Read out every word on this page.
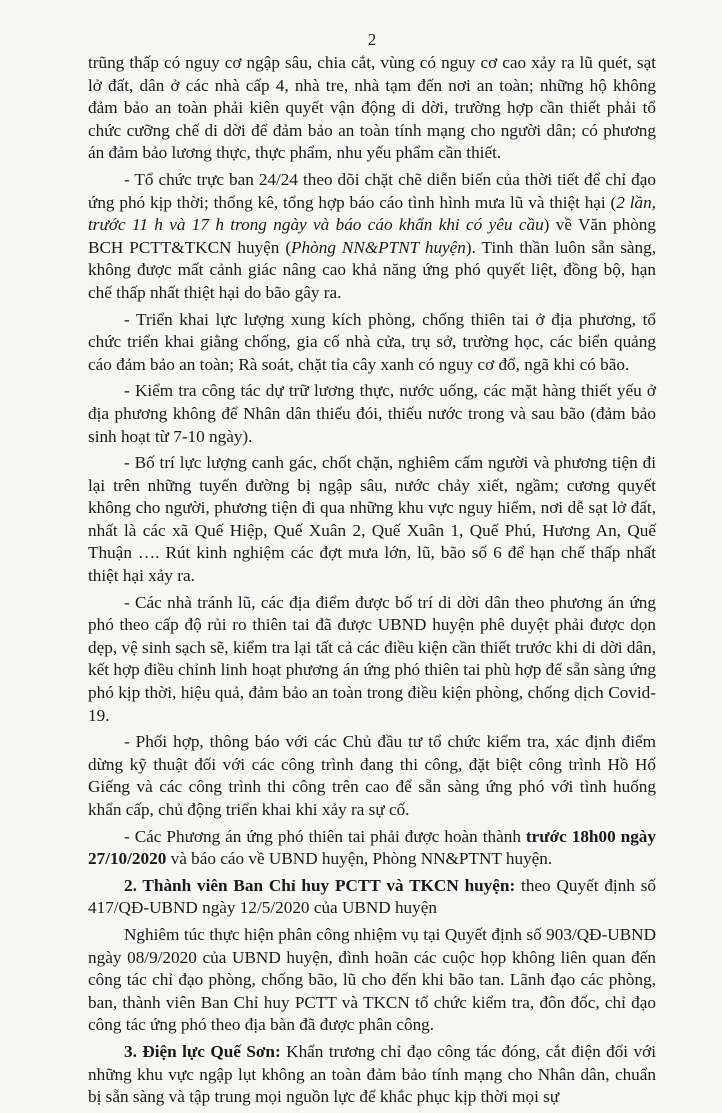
2

trũng thấp có nguy cơ ngập sâu, chia cắt, vùng có nguy cơ cao xảy ra lũ quét, sạt lở đất, dân ở các nhà cấp 4, nhà tre, nhà tạm đến nơi an toàn; những hộ không đảm bảo an toàn phải kiên quyết vận động di dời, trường hợp cần thiết phải tổ chức cưỡng chế di dời để đảm bảo an toàn tính mạng cho người dân; có phương án đảm bảo lương thực, thực phẩm, nhu yếu phẩm cần thiết.

- Tổ chức trực ban 24/24 theo dõi chặt chẽ diễn biến của thời tiết để chỉ đạo ứng phó kịp thời; thống kê, tổng hợp báo cáo tình hình mưa lũ và thiệt hại (2 lần, trước 11 h và 17 h trong ngày và báo cáo khẩn khi có yêu cầu) về Văn phòng BCH PCTT&TKCN huyện (Phòng NN&PTNT huyện). Tinh thần luôn sẵn sàng, không được mất cảnh giác nâng cao khả năng ứng phó quyết liệt, đồng bộ, hạn chế thấp nhất thiệt hại do bão gây ra.

- Triển khai lực lượng xung kích phòng, chống thiên tai ở địa phương, tổ chức triển khai giằng chống, gia cố nhà cửa, trụ sở, trường học, các biển quảng cáo đảm bảo an toàn; Rà soát, chặt tỉa cây xanh có nguy cơ đổ, ngã khi có bão.

- Kiểm tra công tác dự trữ lương thực, nước uống, các mặt hàng thiết yếu ở địa phương không để Nhân dân thiếu đói, thiếu nước trong và sau bão (đảm bảo sinh hoạt từ 7-10 ngày).

- Bố trí lực lượng canh gác, chốt chặn, nghiêm cấm người và phương tiện đi lại trên những tuyến đường bị ngập sâu, nước chảy xiết, ngầm; cương quyết không cho người, phương tiện đi qua những khu vực nguy hiểm, nơi dễ sạt lở đất, nhất là các xã Quế Hiệp, Quế Xuân 2, Quế Xuân 1, Quế Phú, Hương An, Quế Thuận …. Rút kinh nghiệm các đợt mưa lớn, lũ, bão số 6 để hạn chế thấp nhất thiệt hại xảy ra.

- Các nhà tránh lũ, các địa điểm được bố trí di dời dân theo phương án ứng phó theo cấp độ rủi ro thiên tai đã được UBND huyện phê duyệt phải được dọn dẹp, vệ sinh sạch sẽ, kiểm tra lại tất cả các điều kiện cần thiết trước khi di dời dân, kết hợp điều chỉnh linh hoạt phương án ứng phó thiên tai phù hợp để sẵn sàng ứng phó kịp thời, hiệu quả, đảm bảo an toàn trong điều kiện phòng, chống dịch Covid-19.

- Phối hợp, thông báo với các Chủ đầu tư tổ chức kiểm tra, xác định điểm dừng kỹ thuật đối với các công trình đang thi công, đặt biệt công trình Hồ Hố Giếng và các công trình thi công trên cao để sẵn sàng ứng phó với tình huống khẩn cấp, chủ động triển khai khi xảy ra sự cố.

- Các Phương án ứng phó thiên tai phải được hoàn thành trước 18h00 ngày 27/10/2020 và báo cáo về UBND huyện, Phòng NN&PTNT huyện.

2. Thành viên Ban Chỉ huy PCTT và TKCN huyện: theo Quyết định số 417/QĐ-UBND ngày 12/5/2020 của UBND huyện

Nghiêm túc thực hiện phân công nhiệm vụ tại Quyết định số 903/QĐ-UBND ngày 08/9/2020 của UBND huyện, đình hoãn các cuộc họp không liên quan đến công tác chỉ đạo phòng, chống bão, lũ cho đến khi bão tan. Lãnh đạo các phòng, ban, thành viên Ban Chỉ huy PCTT và TKCN tổ chức kiểm tra, đôn đốc, chỉ đạo công tác ứng phó theo địa bàn đã được phân công.

3. Điện lực Quế Sơn: Khẩn trương chỉ đạo công tác đóng, cắt điện đối với những khu vực ngập lụt không an toàn đảm bảo tính mạng cho Nhân dân, chuẩn bị sẵn sàng và tập trung mọi nguồn lực để khắc phục kịp thời mọi sự
